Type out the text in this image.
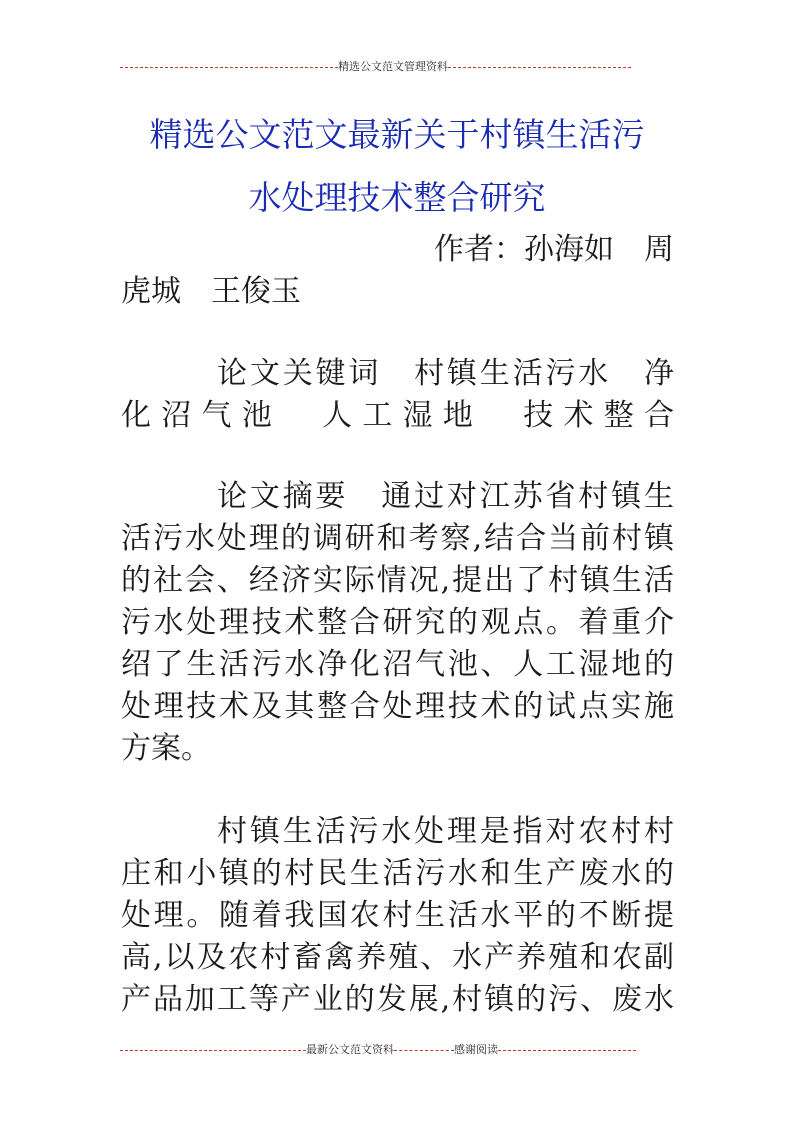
精选公文范文管理资料
精选公文范文最新关于村镇生活污
水处理技术整合研究
作者：孙海如　周
虎城　王俊玉
论文关键词　村镇生活污水　净
化沼气池　人工湿地　技术整合
论文摘要　通过对江苏省村镇生
活污水处理的调研和考察,结合当前村镇
的社会、经济实际情况,提出了村镇生活
污水处理技术整合研究的观点。着重介
绍了生活污水净化沼气池、人工湿地的
处理技术及其整合处理技术的试点实施
方案。
村镇生活污水处理是指对农村村
庄和小镇的村民生活污水和生产废水的
处理。随着我国农村生活水平的不断提
高,以及农村畜禽养殖、水产养殖和农副
产品加工等产业的发展,村镇的污、废水
最新公文范文资料	感谢阅读
